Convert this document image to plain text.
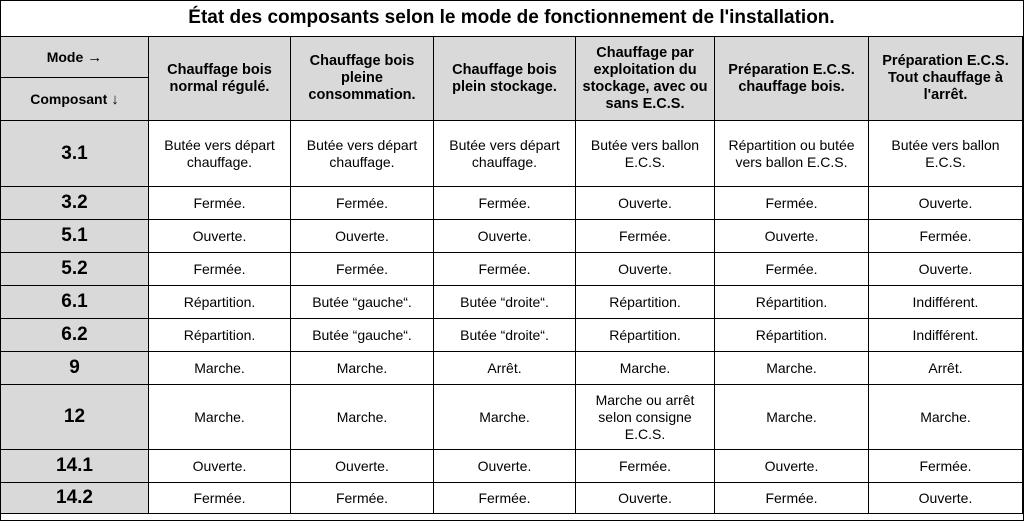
État des composants selon le mode de fonctionnement de l'installation.						
Mode →	Chauffage bois normal régulé.	Chauffage bois pleine consommation.	Chauffage bois plein stockage.	Chauffage par exploitation du stockage, avec ou sans E.C.S.	Préparation E.C.S. chauffage bois.	Préparation E.C.S. Tout chauffage à l'arrêt.
Composant ↓						
3.1	Butée vers départ chauffage.	Butée vers départ chauffage.	Butée vers départ chauffage.	Butée vers ballon E.C.S.	Répartition ou butée vers ballon E.C.S.	Butée vers ballon E.C.S.
3.2	Fermée.	Fermée.	Fermée.	Ouverte.	Fermée.	Ouverte.
5.1	Ouverte.	Ouverte.	Ouverte.	Fermée.	Ouverte.	Fermée.
5.2	Fermée.	Fermée.	Fermée.	Ouverte.	Fermée.	Ouverte.
6.1	Répartition.	Butée “gauche“.	Butée “droite“.	Répartition.	Répartition.	Indifférent.
6.2	Répartition.	Butée “gauche“.	Butée “droite“.	Répartition.	Répartition.	Indifférent.
9	Marche.	Marche.	Arrêt.	Marche.	Marche.	Arrêt.
12	Marche.	Marche.	Marche.	Marche ou arrêt selon consigne E.C.S.	Marche.	Marche.
14.1	Ouverte.	Ouverte.	Ouverte.	Fermée.	Ouverte.	Fermée.
14.2	Fermée.	Fermée.	Fermée.	Ouverte.	Fermée.	Ouverte.
